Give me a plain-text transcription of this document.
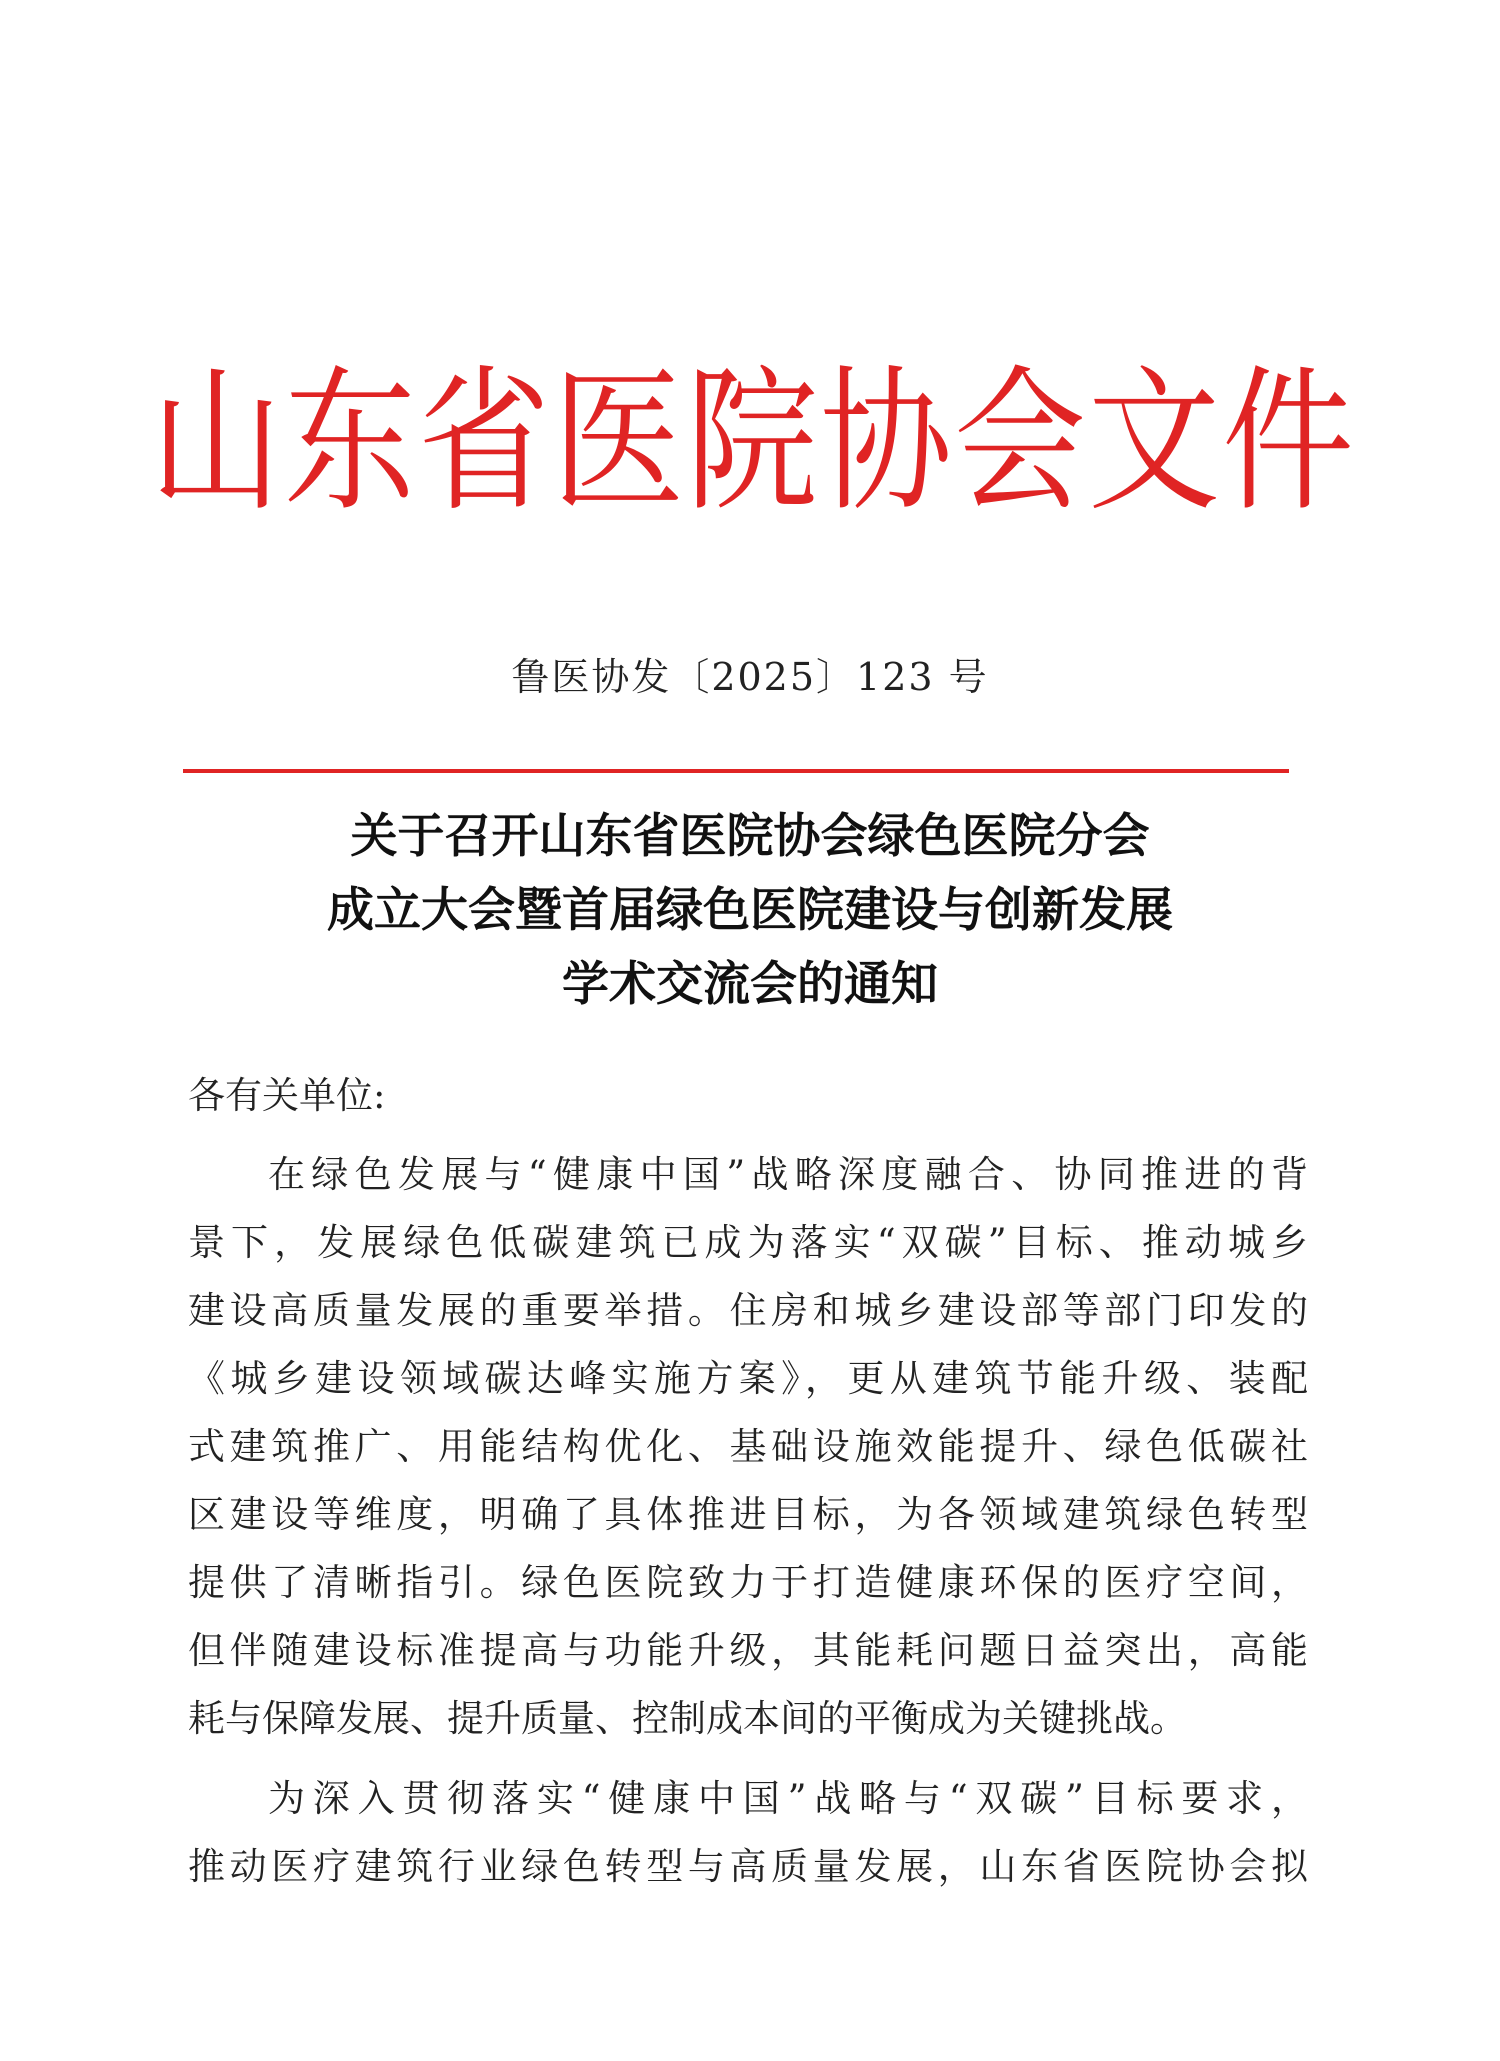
山东省医院协会文件
鲁医协发〔2025〕123 号
关于召开山东省医院协会绿色医院分会
成立大会暨首届绿色医院建设与创新发展
学术交流会的通知
各有关单位:
在绿色发展与“健康中国”战略深度融合、协同推进的背
景下，发展绿色低碳建筑已成为落实“双碳”目标、推动城乡
建设高质量发展的重要举措。住房和城乡建设部等部门印发的
《城乡建设领域碳达峰实施方案》，更从建筑节能升级、装配
式建筑推广、用能结构优化、基础设施效能提升、绿色低碳社
区建设等维度，明确了具体推进目标，为各领域建筑绿色转型
提供了清晰指引。绿色医院致力于打造健康环保的医疗空间，
但伴随建设标准提高与功能升级，其能耗问题日益突出，高能
耗与保障发展、提升质量、控制成本间的平衡成为关键挑战。
为深入贯彻落实“健康中国”战略与“双碳”目标要求，
推动医疗建筑行业绿色转型与高质量发展，山东省医院协会拟
